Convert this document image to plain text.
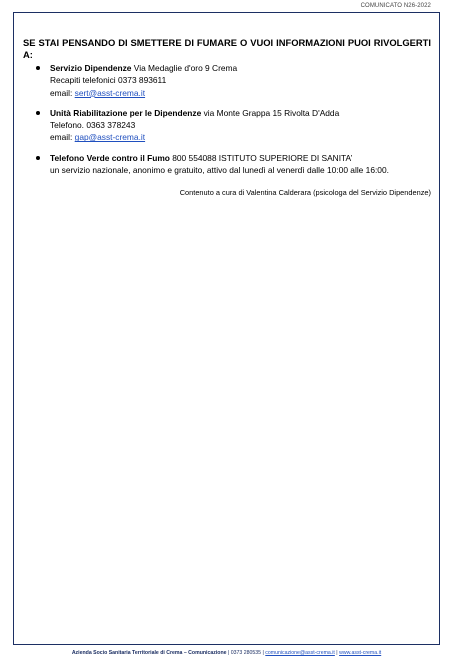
COMUNICATO N26-2022

SE STAI PENSANDO DI SMETTERE DI FUMARE O VUOI INFORMAZIONI PUOI RIVOLGERTI A:

Servizio Dipendenze Via Medaglie d'oro 9 Crema
Recapiti telefonici 0373 893611
email: sert@asst-crema.it
Unità Riabilitazione per le Dipendenze via Monte Grappa 15 Rivolta D'Adda
Telefono. 0363 378243
email: gap@asst-crema.it
Telefono Verde contro il Fumo 800 554088 ISTITUTO SUPERIORE DI SANITA’
un servizio nazionale, anonimo e gratuito, attivo dal lunedì al venerdì dalle 10:00 alle 16:00.
Contenuto a cura di Valentina Calderara (psicologa del Servizio Dipendenze)
Azienda Socio Sanitaria Territoriale di Crema – Comunicazione | 0373 280535 | comunicazione@asst-crema.it | www.asst-crema.it
